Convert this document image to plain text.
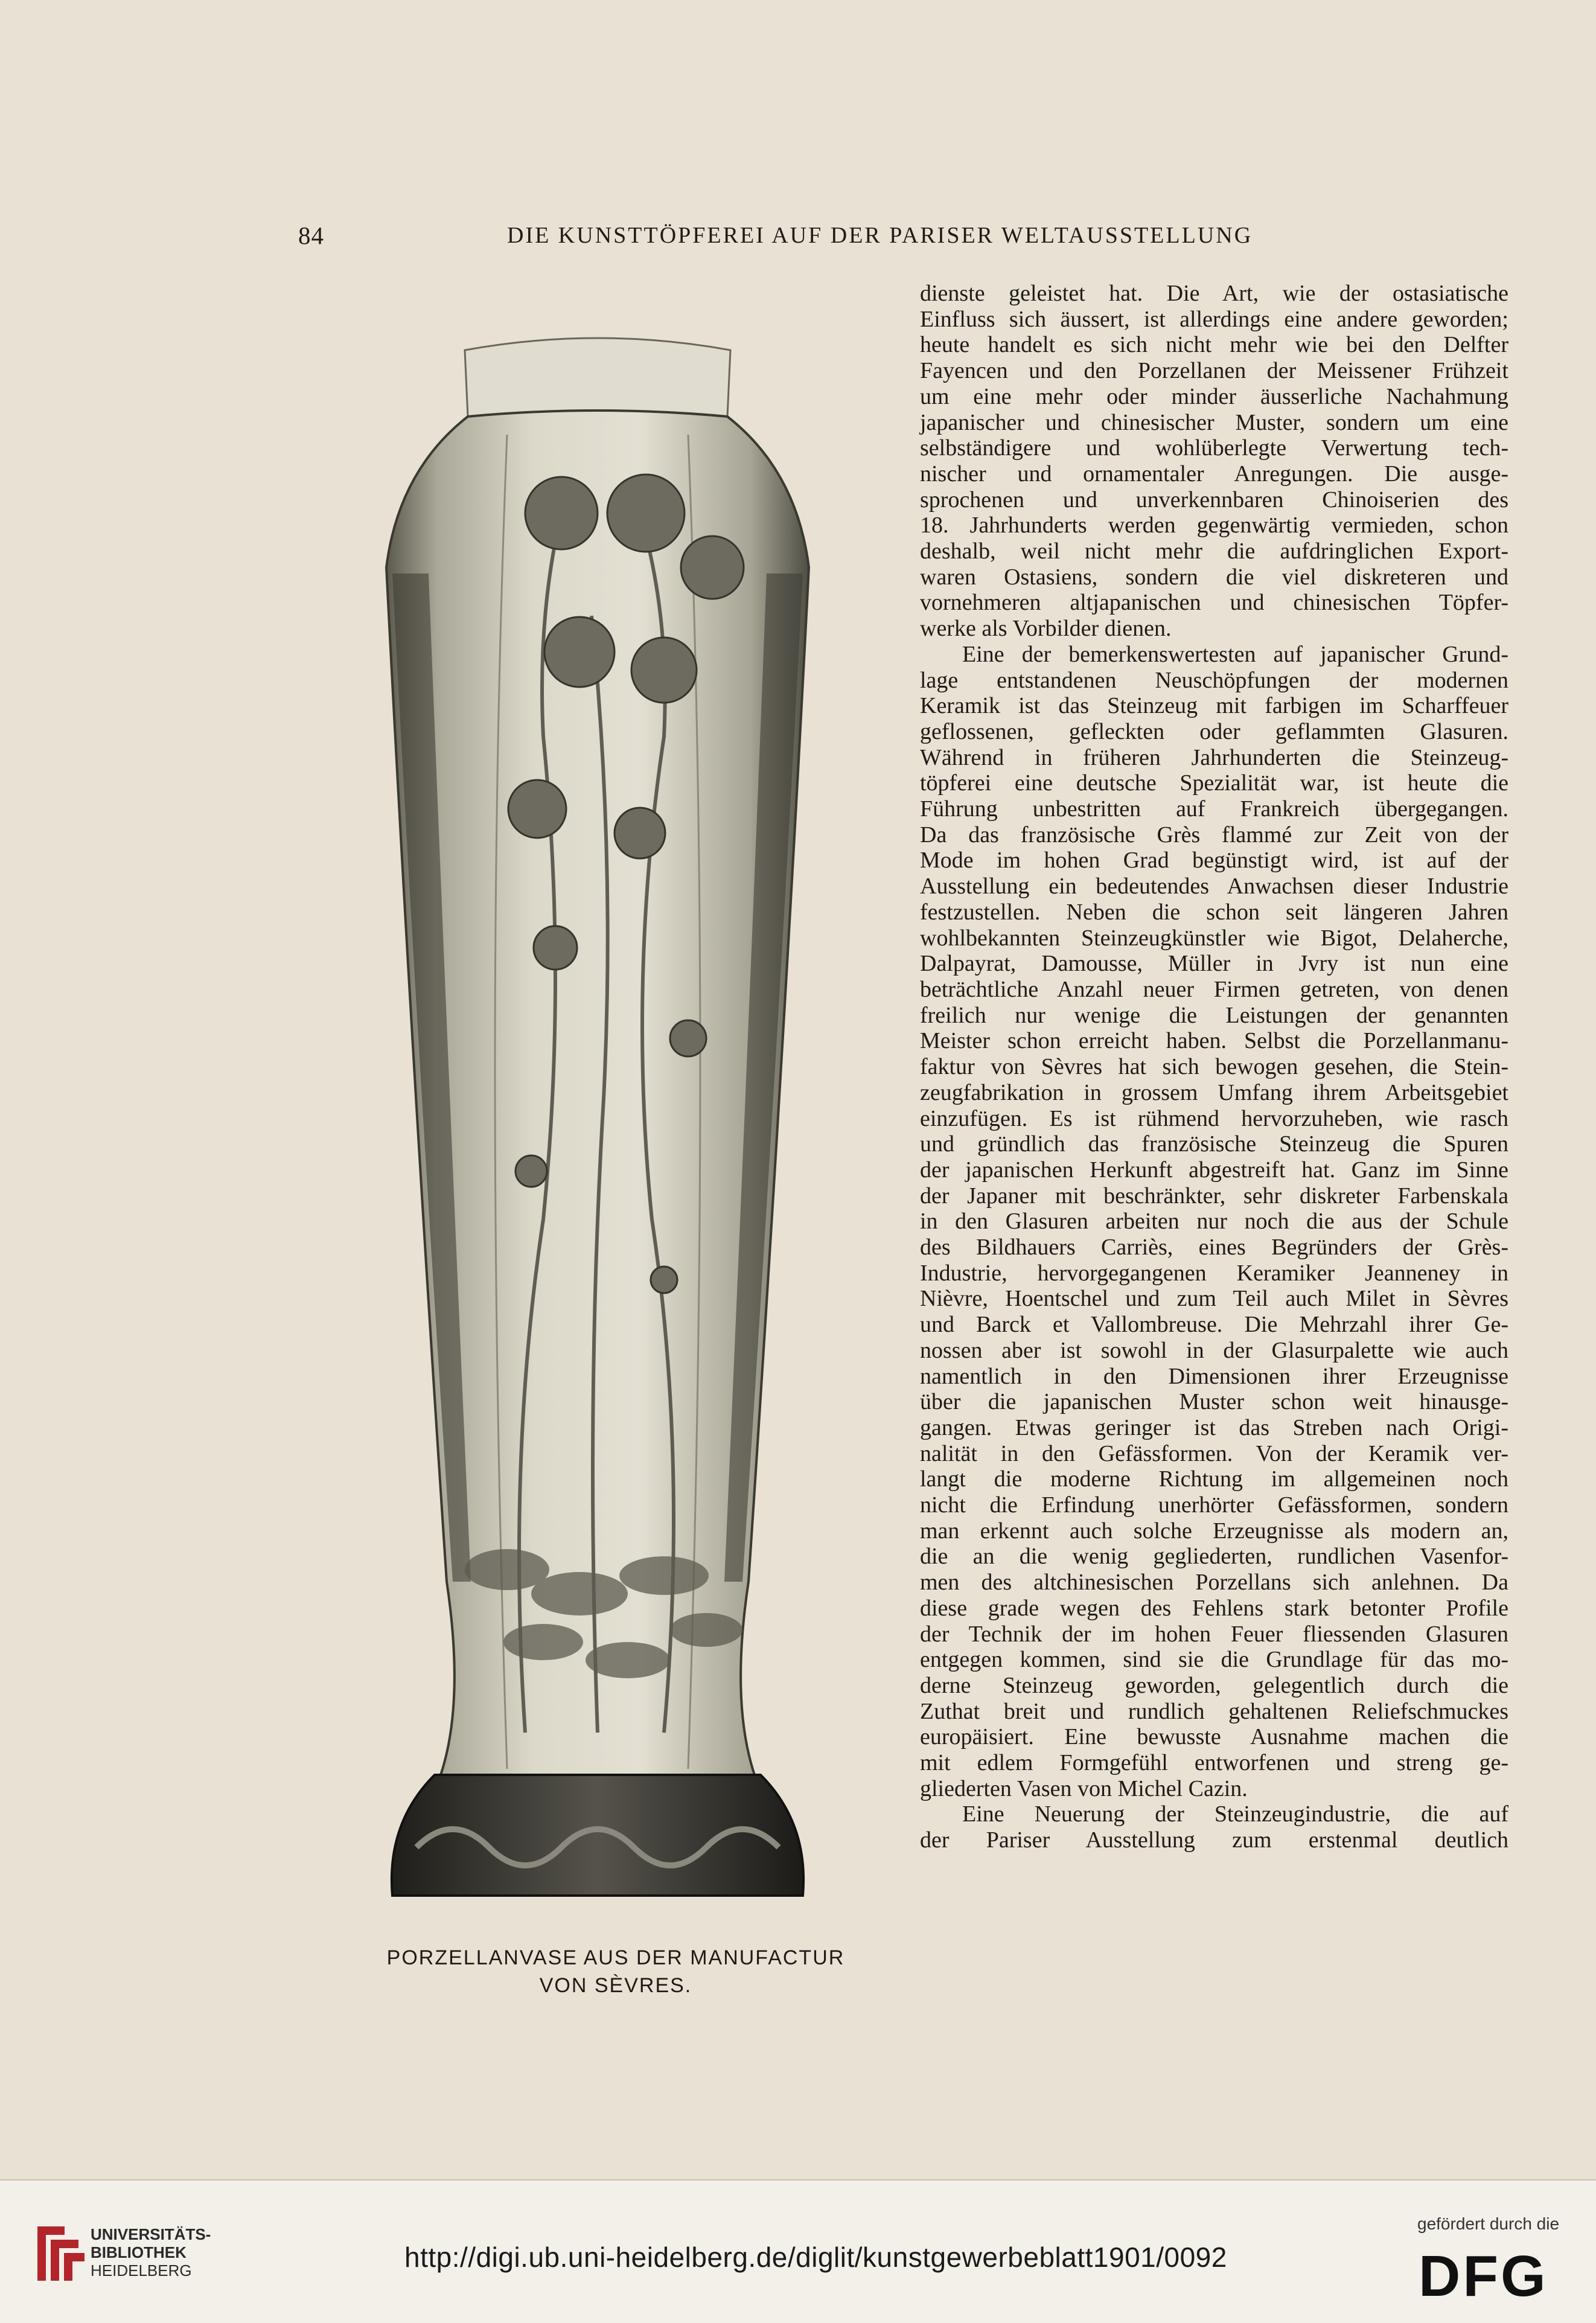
84	DIE KUNSTTÖPFEREI AUF DER PARISER WELTAUSSTELLUNG
PORZELLANVASE AUS DER MANUFACTUR
VON SÈVRES.
dienste geleistet hat. Die Art, wie der ostasiatische
Einfluss sich äussert, ist allerdings eine andere geworden;
heute handelt es sich nicht mehr wie bei den Delfter
Fayencen und den Porzellanen der Meissener Frühzeit
um eine mehr oder minder äusserliche Nachahmung
japanischer und chinesischer Muster, sondern um eine
selbständigere und wohlüberlegte Verwertung tech-
nischer und ornamentaler Anregungen. Die ausge-
sprochenen und unverkennbaren Chinoiserien des
18. Jahrhunderts werden gegenwärtig vermieden, schon
deshalb, weil nicht mehr die aufdringlichen Export-
waren Ostasiens, sondern die viel diskreteren und
vornehmeren altjapanischen und chinesischen Töpfer-
werke als Vorbilder dienen.
Eine der bemerkenswertesten auf japanischer Grund-
lage entstandenen Neuschöpfungen der modernen
Keramik ist das Steinzeug mit farbigen im Scharffeuer
geflossenen, gefleckten oder geflammten Glasuren.
Während in früheren Jahrhunderten die Steinzeug-
töpferei eine deutsche Spezialität war, ist heute die
Führung unbestritten auf Frankreich übergegangen.
Da das französische Grès flammé zur Zeit von der
Mode im hohen Grad begünstigt wird, ist auf der
Ausstellung ein bedeutendes Anwachsen dieser Industrie
festzustellen. Neben die schon seit längeren Jahren
wohlbekannten Steinzeugkünstler wie Bigot, Delaherche,
Dalpayrat, Damousse, Müller in Jvry ist nun eine
beträchtliche Anzahl neuer Firmen getreten, von denen
freilich nur wenige die Leistungen der genannten
Meister schon erreicht haben. Selbst die Porzellanmanu-
faktur von Sèvres hat sich bewogen gesehen, die Stein-
zeugfabrikation in grossem Umfang ihrem Arbeitsgebiet
einzufügen. Es ist rühmend hervorzuheben, wie rasch
und gründlich das französische Steinzeug die Spuren
der japanischen Herkunft abgestreift hat. Ganz im Sinne
der Japaner mit beschränkter, sehr diskreter Farbenskala
in den Glasuren arbeiten nur noch die aus der Schule
des Bildhauers Carriès, eines Begründers der Grès-
Industrie, hervorgegangenen Keramiker Jeanneney in
Nièvre, Hoentschel und zum Teil auch Milet in Sèvres
und Barck et Vallombreuse. Die Mehrzahl ihrer Ge-
nossen aber ist sowohl in der Glasurpalette wie auch
namentlich in den Dimensionen ihrer Erzeugnisse
über die japanischen Muster schon weit hinausge-
gangen. Etwas geringer ist das Streben nach Origi-
nalität in den Gefässformen. Von der Keramik ver-
langt die moderne Richtung im allgemeinen noch
nicht die Erfindung unerhörter Gefässformen, sondern
man erkennt auch solche Erzeugnisse als modern an,
die an die wenig gegliederten, rundlichen Vasenfor-
men des altchinesischen Porzellans sich anlehnen. Da
diese grade wegen des Fehlens stark betonter Profile
der Technik der im hohen Feuer fliessenden Glasuren
entgegen kommen, sind sie die Grundlage für das mo-
derne Steinzeug geworden, gelegentlich durch die
Zuthat breit und rundlich gehaltenen Reliefschmuckes
europäisiert. Eine bewusste Ausnahme machen die
mit edlem Formgefühl entworfenen und streng ge-
gliederten Vasen von Michel Cazin.
Eine Neuerung der Steinzeugindustrie, die auf
der Pariser Ausstellung zum erstenmal deutlich
UNIVERSITÄTS-
BIBLIOTHEK
HEIDELBERG	http://digi.ub.uni-heidelberg.de/diglit/kunstgewerbeblatt1901/0092
gefördert durch die
DFG
